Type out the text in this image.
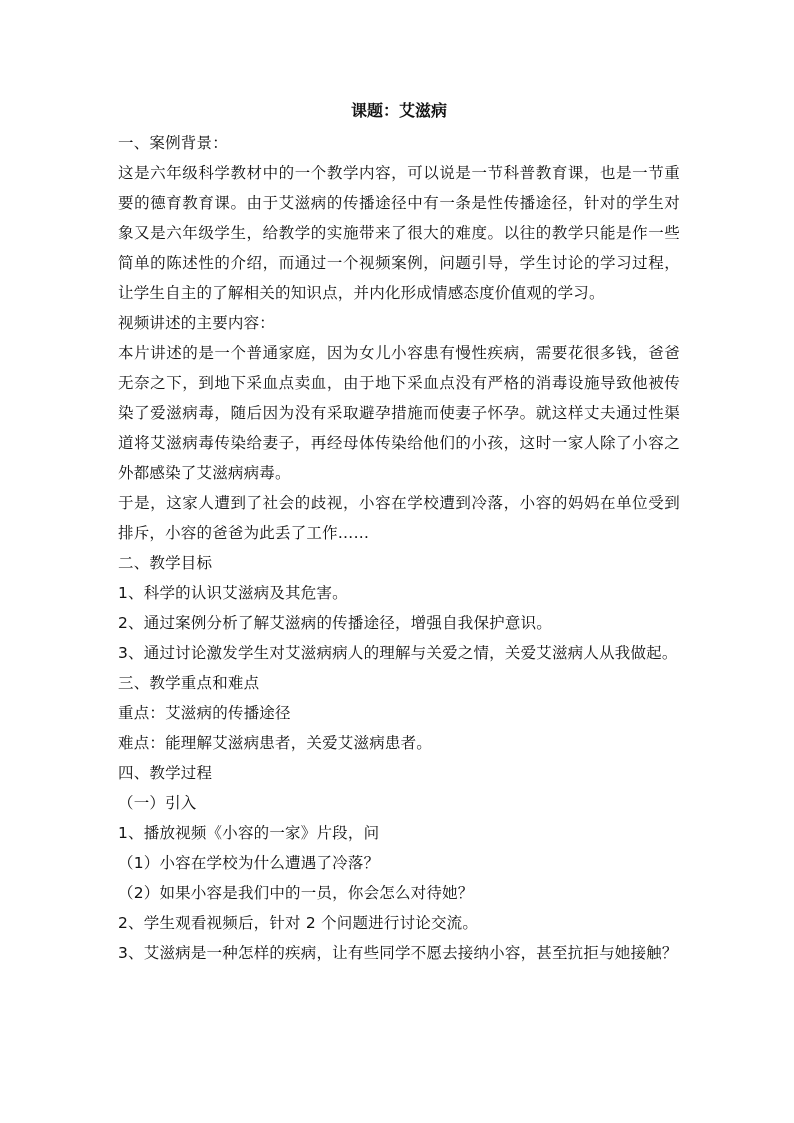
课题：艾滋病
一、案例背景：
这是六年级科学教材中的一个教学内容，可以说是一节科普教育课，也是一节重要的德育教育课。由于艾滋病的传播途径中有一条是性传播途径，针对的学生对象又是六年级学生，给教学的实施带来了很大的难度。以往的教学只能是作一些简单的陈述性的介绍，而通过一个视频案例，问题引导，学生讨论的学习过程，让学生自主的了解相关的知识点，并内化形成情感态度价值观的学习。
视频讲述的主要内容：
本片讲述的是一个普通家庭，因为女儿小容患有慢性疾病，需要花很多钱，爸爸无奈之下，到地下采血点卖血，由于地下采血点没有严格的消毒设施导致他被传染了爱滋病毒，随后因为没有采取避孕措施而使妻子怀孕。就这样丈夫通过性渠道将艾滋病毒传染给妻子，再经母体传染给他们的小孩，这时一家人除了小容之外都感染了艾滋病病毒。
于是，这家人遭到了社会的歧视，小容在学校遭到冷落，小容的妈妈在单位受到排斥，小容的爸爸为此丢了工作……
二、教学目标
1、科学的认识艾滋病及其危害。
2、通过案例分析了解艾滋病的传播途径，增强自我保护意识。
3、通过讨论激发学生对艾滋病病人的理解与关爱之情，关爱艾滋病人从我做起。
三、教学重点和难点
重点：艾滋病的传播途径
难点：能理解艾滋病患者，关爱艾滋病患者。
四、教学过程
（一）引入
1、播放视频《小容的一家》片段，问
（1）小容在学校为什么遭遇了冷落？
（2）如果小容是我们中的一员，你会怎么对待她？
2、学生观看视频后，针对 2 个问题进行讨论交流。
3、艾滋病是一种怎样的疾病，让有些同学不愿去接纳小容，甚至抗拒与她接触？
